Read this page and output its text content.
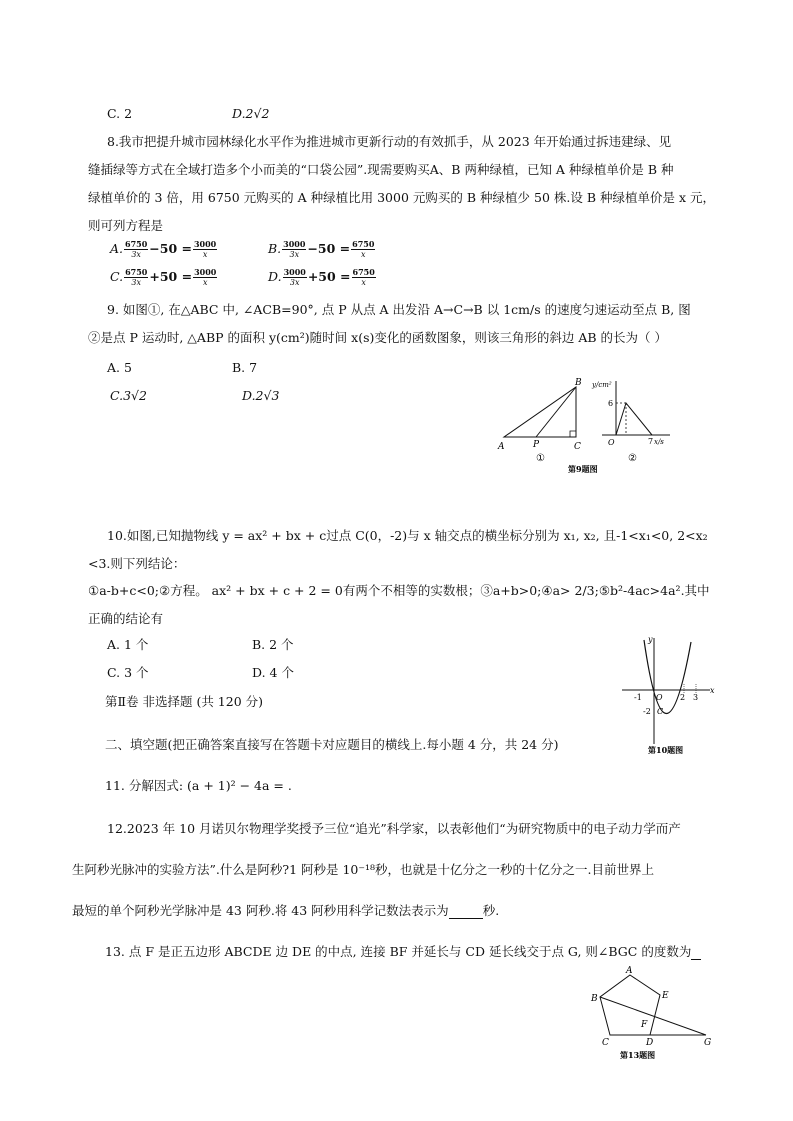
C. 2	D.2√2
8.我市把提升城市园林绿化水平作为推进城市更新行动的有效抓手，从 2023 年开始通过拆违建绿、见
缝插绿等方式在全域打造多个小而美的“口袋公园”.现需要购买A、B 两种绿植，已知 A 种绿植单价是 B 种
绿植单价的 3 倍，用 6750 元购买的 A 种绿植比用 3000 元购买的 B 种绿植少 50 株.设 B 种绿植单价是 x 元，
则可列方程是
A. $\frac{6750}{3x} -50 = \frac{3000}{x}$	B. $\frac{3000}{3x} -50 = \frac{6750}{x}$
C. $\frac{6750}{3x} +50 = \frac{3000}{x}$	D. $\frac{3000}{3x} +50 = \frac{6750}{x}$
9. 如图①, 在△ABC 中, ∠ACB=90°, 点 P 从点 A 出发沿 A→C→B 以 1cm/s 的速度匀速运动至点 B, 图
②是点 P 运动时, △ABP 的面积 y(cm²)随时间 x(s)变化的函数图象，则该三角形的斜边 AB 的长为（ ）
A. 5	B. 7
C.3√2	D.2√3
A	P	C
B
①
y/cm²
6
O	7 x/s
②
第9题图
10.如图,已知抛物线 y = ax² + bx + c过点 C(0，-2)与 x 轴交点的横坐标分别为 x₁, x₂, 且-1<x₁<0, 2<x₂
<3.则下列结论：
①a-b+c<0;②方程。 ax² + bx + c + 2 = 0有两个不相等的实数根；③a+b>0;④a> 2/3;⑤b²-4ac>4a².其中
正确的结论有
A. 1 个	B. 2 个
C. 3 个	D. 4 个
y
x
-1 O 2 3
-2 C
第10题图
第Ⅱ卷 非选择题 (共 120 分)
二、填空题(把正确答案直接写在答题卡对应题目的横线上.每小题 4 分，共 24 分)
11. 分解因式: (a + 1)² − 4a = .
12.2023 年 10 月诺贝尔物理学奖授予三位“追光”科学家，以表彰他们“为研究物质中的电子动力学而产
生阿秒光脉冲的实验方法”.什么是阿秒?1 阿秒是 10⁻¹⁸秒，也就是十亿分之一秒的十亿分之一.目前世界上
最短的单个阿秒光学脉冲是 43 阿秒.将 43 阿秒用科学记数法表示为	秒.
13. 点 F 是正五边形 ABCDE 边 DE 的中点, 连接 BF 并延长与 CD 延长线交于点 G, 则∠BGC 的度数为
A
B	E
F
C	D	G
第13题图
